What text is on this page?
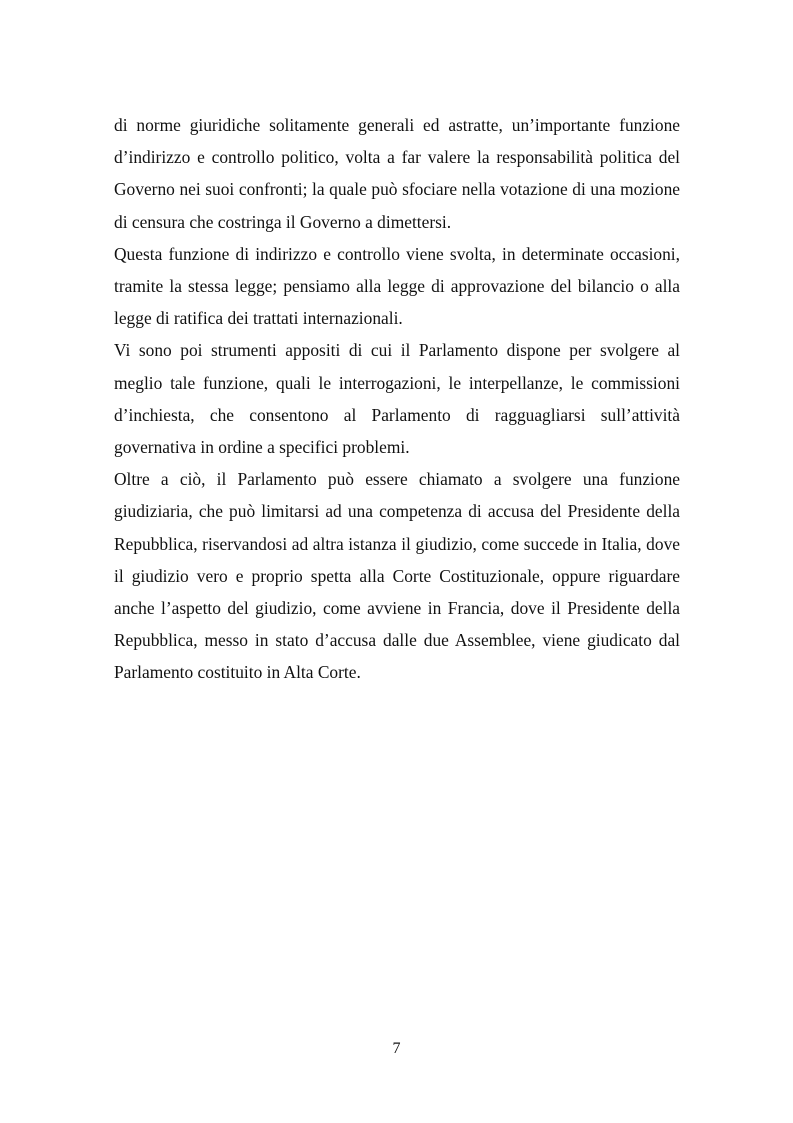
di norme giuridiche solitamente generali ed astratte, un’importante funzione d’indirizzo e controllo politico, volta a far valere la responsabilità politica del Governo nei suoi confronti; la quale può sfociare nella votazione di una mozione di censura che costringa il Governo a dimettersi.

Questa funzione di indirizzo e controllo viene svolta, in determinate occasioni, tramite la stessa legge; pensiamo alla legge di approvazione del bilancio o alla legge di ratifica dei trattati internazionali.

Vi sono poi strumenti appositi di cui il Parlamento dispone per svolgere al meglio tale funzione, quali le interrogazioni, le interpellanze, le commissioni d’inchiesta, che consentono al Parlamento di ragguagliarsi sull’attività governativa in ordine a specifici problemi.

Oltre a ciò, il Parlamento può essere chiamato a svolgere una funzione giudiziaria, che può limitarsi ad una competenza di accusa del Presidente della Repubblica, riservandosi ad altra istanza il giudizio, come succede in Italia, dove il giudizio vero e proprio spetta alla Corte Costituzionale, oppure riguardare anche l’aspetto del giudizio, come avviene in Francia, dove il Presidente della Repubblica, messo in stato d’accusa dalle due Assemblee, viene giudicato dal Parlamento costituito in Alta Corte.

7
